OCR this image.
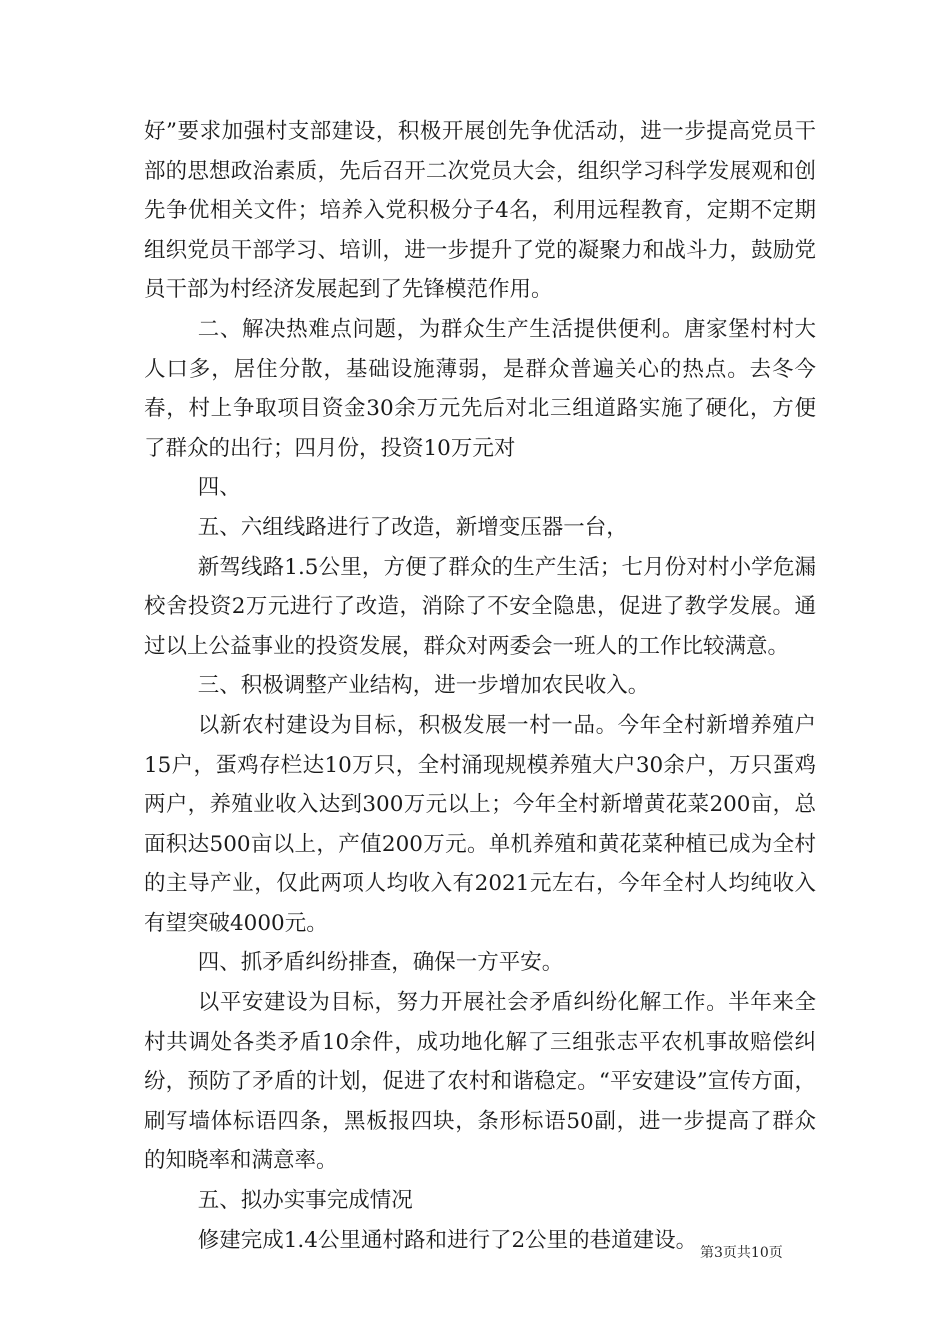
好”要求加强村支部建设，积极开展创先争优活动，进一步提高党员干部的思想政治素质，先后召开二次党员大会，组织学习科学发展观和创先争优相关文件；培养入党积极分子4名，利用远程教育，定期不定期组织党员干部学习、培训，进一步提升了党的凝聚力和战斗力，鼓励党员干部为村经济发展起到了先锋模范作用。

二、解决热难点问题，为群众生产生活提供便利。唐家堡村村大人口多，居住分散，基础设施薄弱，是群众普遍关心的热点。去冬今春，村上争取项目资金30余万元先后对北三组道路实施了硬化，方便了群众的出行；四月份，投资10万元对

四、

五、六组线路进行了改造，新增变压器一台，

新驾线路1.5公里，方便了群众的生产生活；七月份对村小学危漏校舍投资2万元进行了改造，消除了不安全隐患，促进了教学发展。通过以上公益事业的投资发展，群众对两委会一班人的工作比较满意。

三、积极调整产业结构，进一步增加农民收入。

以新农村建设为目标，积极发展一村一品。今年全村新增养殖户15户，蛋鸡存栏达10万只，全村涌现规模养殖大户30余户，万只蛋鸡两户，养殖业收入达到300万元以上；今年全村新增黄花菜200亩，总面积达500亩以上，产值200万元。单机养殖和黄花菜种植已成为全村的主导产业，仅此两项人均收入有2021元左右，今年全村人均纯收入有望突破4000元。

四、抓矛盾纠纷排查，确保一方平安。

以平安建设为目标，努力开展社会矛盾纠纷化解工作。半年来全村共调处各类矛盾10余件，成功地化解了三组张志平农机事故赔偿纠纷，预防了矛盾的计划，促进了农村和谐稳定。“平安建设”宣传方面，刷写墙体标语四条，黑板报四块，条形标语50副，进一步提高了群众的知晓率和满意率。

五、拟办实事完成情况

修建完成1.4公里通村路和进行了2公里的巷道建设。

第3页共10页
